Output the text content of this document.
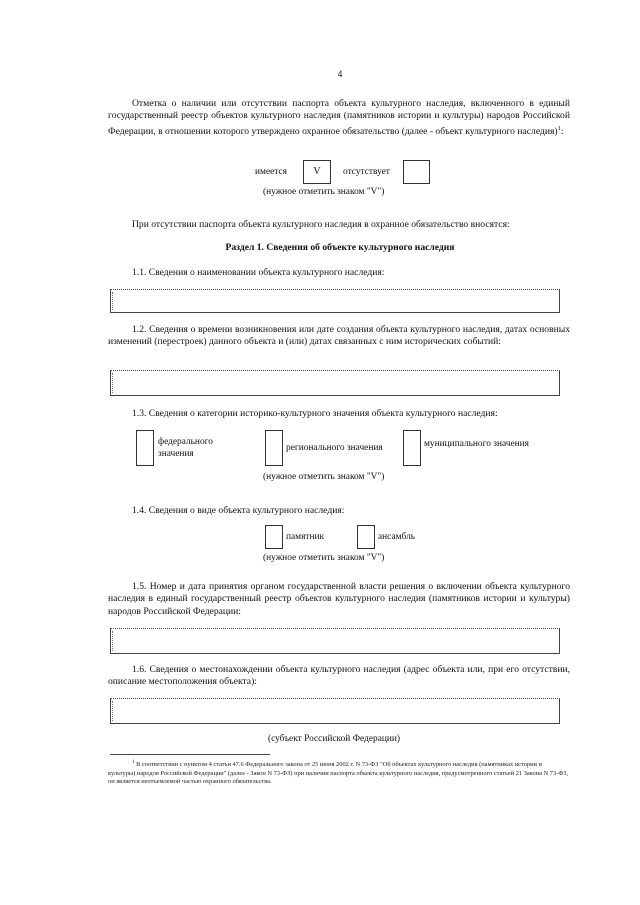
4

Отметка о наличии или отсутствии паспорта объекта культурного наследия, включенного в единый государственный реестр объектов культурного наследия (памятников истории и культуры) народов Российской Федерации, в отношении которого утверждено охранное обязательство (далее - объект культурного наследия)$^1$:

имеется	V	отсутствует
(нужное отметить знаком "V")
При отсутствии паспорта объекта культурного наследия в охранное обязательство вносятся:
Раздел 1. Сведения об объекте культурного наследия
1.1. Сведения о наименовании объекта культурного наследия:

1.2. Сведения о времени возникновения или дате создания объекта культурного наследия, датах основных изменений (перестроек) данного объекта и (или) датах связанных с ним исторических событий:

1.3. Сведения о категории историко-культурного значения объекта культурного наследия:
федерального значения
регионального значения	муниципального значения
(нужное отметить знаком "V")
1.4. Сведения о виде объекта культурного наследия:
памятник	ансамбль
(нужное отметить знаком "V")

1.5. Номер и дата принятия органом государственной власти решения о включении объекта культурного наследия в единый государственный реестр объектов культурного наследия (памятников истории и культуры) народов Российской Федерации:

1.6. Сведения о местонахождении объекта культурного наследия (адрес объекта или, при его отсутствии, описание местоположения объекта):

(субъект Российской Федерации)

$^1$ В соответствии с пунктом 4 статьи 47.6 Федерального закона от 25 июня 2002 г. N 73-ФЗ "Об объектах культурного наследия (памятниках истории и культуры) народов Российской Федерации" (далее - Закон N 73-ФЗ) при наличии паспорта объекта культурного наследия, предусмотренного статьей 21 Закона N 73-ФЗ, он является неотъемлемой частью охранного обязательства.
